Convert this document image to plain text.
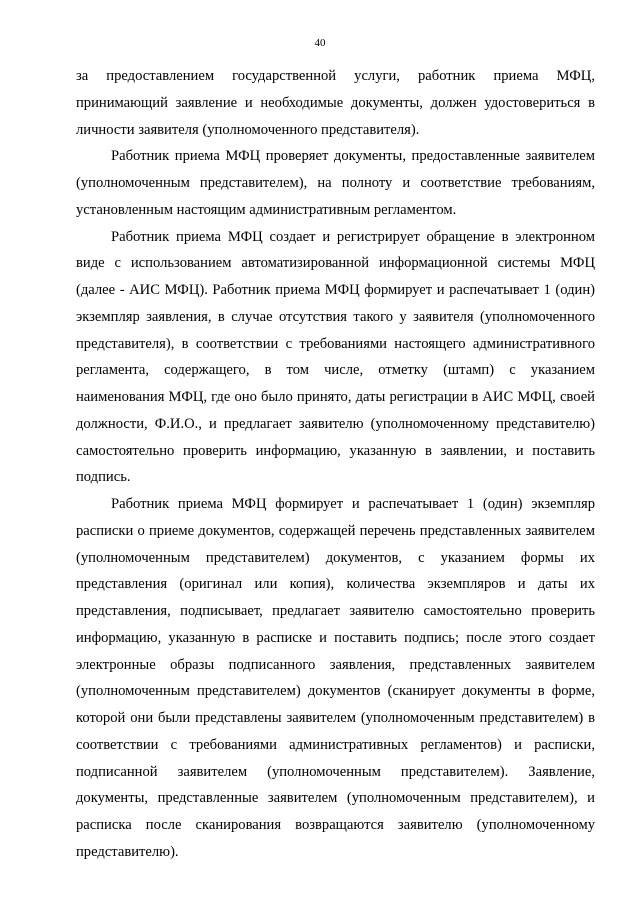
40

за предоставлением государственной услуги, работник приема МФЦ, принимающий заявление и необходимые документы, должен удостовериться в личности заявителя (уполномоченного представителя).

Работник приема МФЦ проверяет документы, предоставленные заявителем (уполномоченным представителем), на полноту и соответствие требованиям, установленным настоящим административным регламентом.

Работник приема МФЦ создает и регистрирует обращение в электронном виде с использованием автоматизированной информационной системы МФЦ (далее - АИС МФЦ). Работник приема МФЦ формирует и распечатывает 1 (один) экземпляр заявления, в случае отсутствия такого у заявителя (уполномоченного представителя), в соответствии с требованиями настоящего административного регламента, содержащего, в том числе, отметку (штамп) с указанием наименования МФЦ, где оно было принято, даты регистрации в АИС МФЦ, своей должности, Ф.И.О., и предлагает заявителю (уполномоченному представителю) самостоятельно проверить информацию, указанную в заявлении, и поставить подпись.

Работник приема МФЦ формирует и распечатывает 1 (один) экземпляр расписки о приеме документов, содержащей перечень представленных заявителем (уполномоченным представителем) документов, с указанием формы их представления (оригинал или копия), количества экземпляров и даты их представления, подписывает, предлагает заявителю самостоятельно проверить информацию, указанную в расписке и поставить подпись; после этого создает электронные образы подписанного заявления, представленных заявителем (уполномоченным представителем) документов (сканирует документы в форме, которой они были представлены заявителем (уполномоченным представителем) в соответствии с требованиями административных регламентов) и расписки, подписанной заявителем (уполномоченным представителем). Заявление, документы, представленные заявителем (уполномоченным представителем), и расписка после сканирования возвращаются заявителю (уполномоченному представителю).
